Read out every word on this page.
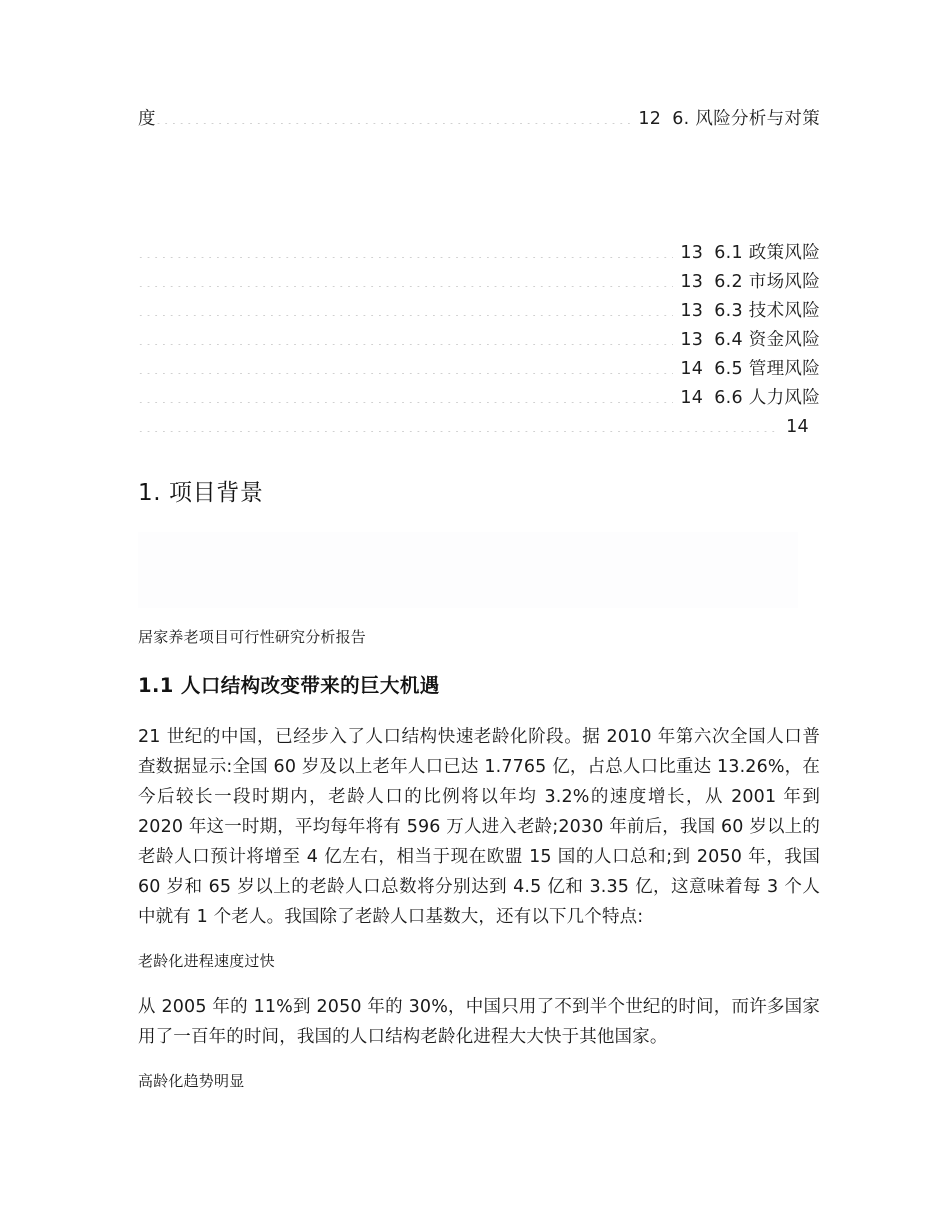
度 .....	12 6. 风险分析与对策
.....
13 6.1 政策风险
.....
13 6.2 市场风险
.....
13 6.3 技术风险
.....
13 6.4 资金风险
.....
14 6.5 管理风险
.....
14 6.6 人力风险
.....
14
1. 项目背景

居家养老项目可行性研究分析报告

1.1 人口结构改变带来的巨大机遇

21 世纪的中国，已经步入了人口结构快速老龄化阶段。据 2010 年第六次全国人口普查数据显示:全国 60 岁及以上老年人口已达 1.7765 亿，占总人口比重达 13.26%，在今后较长一段时期内，老龄人口的比例将以年均 3.2%的速度增长，从 2001 年到 2020 年这一时期，平均每年将有 596 万人进入老龄;2030 年前后，我国 60 岁以上的老龄人口预计将增至 4 亿左右，相当于现在欧盟 15 国的人口总和;到 2050 年，我国 60 岁和 65 岁以上的老龄人口总数将分别达到 4.5 亿和 3.35 亿，这意味着每 3 个人中就有 1 个老人。我国除了老龄人口基数大，还有以下几个特点:

老龄化进程速度过快

从 2005 年的 11%到 2050 年的 30%，中国只用了不到半个世纪的时间，而许多国家用了一百年的时间，我国的人口结构老龄化进程大大快于其他国家。

高龄化趋势明显
